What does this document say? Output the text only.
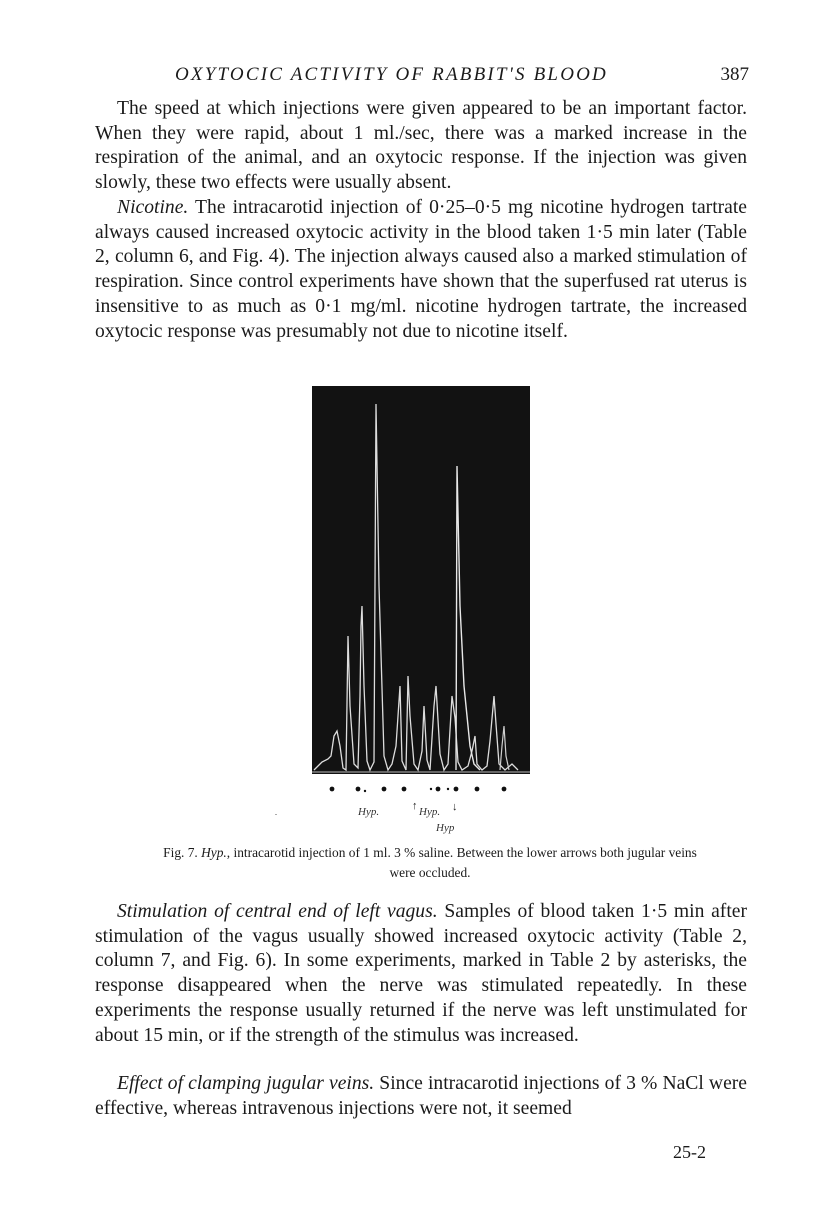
OXYTOCIC ACTIVITY OF RABBIT'S BLOOD	387

The speed at which injections were given appeared to be an important factor. When they were rapid, about 1 ml./sec, there was a marked increase in the respiration of the animal, and an oxytocic response. If the injection was given slowly, these two effects were usually absent.

Nicotine. The intracarotid injection of 0·25–0·5 mg nicotine hydrogen tartrate always caused increased oxytocic activity in the blood taken 1·5 min later (Table 2, column 6, and Fig. 4). The injection always caused also a marked stimulation of respiration. Since control experiments have shown that the superfused rat uterus is insensitive to as much as 0·1 mg/ml. nicotine hydrogen tartrate, the increased oxytocic response was presumably not due to nicotine itself.

Hyp.	↑ Hyp. ↓
Hyp

Fig. 7. Hyp., intracarotid injection of 1 ml. 3 % saline. Between the lower arrows both jugular veins were occluded.

Stimulation of central end of left vagus. Samples of blood taken 1·5 min after stimulation of the vagus usually showed increased oxytocic activity (Table 2, column 7, and Fig. 6). In some experiments, marked in Table 2 by asterisks, the response disappeared when the nerve was stimulated repeatedly. In these experiments the response usually returned if the nerve was left unstimulated for about 15 min, or if the strength of the stimulus was increased.

Effect of clamping jugular veins. Since intracarotid injections of 3 % NaCl were effective, whereas intravenous injections were not, it seemed

25-2
